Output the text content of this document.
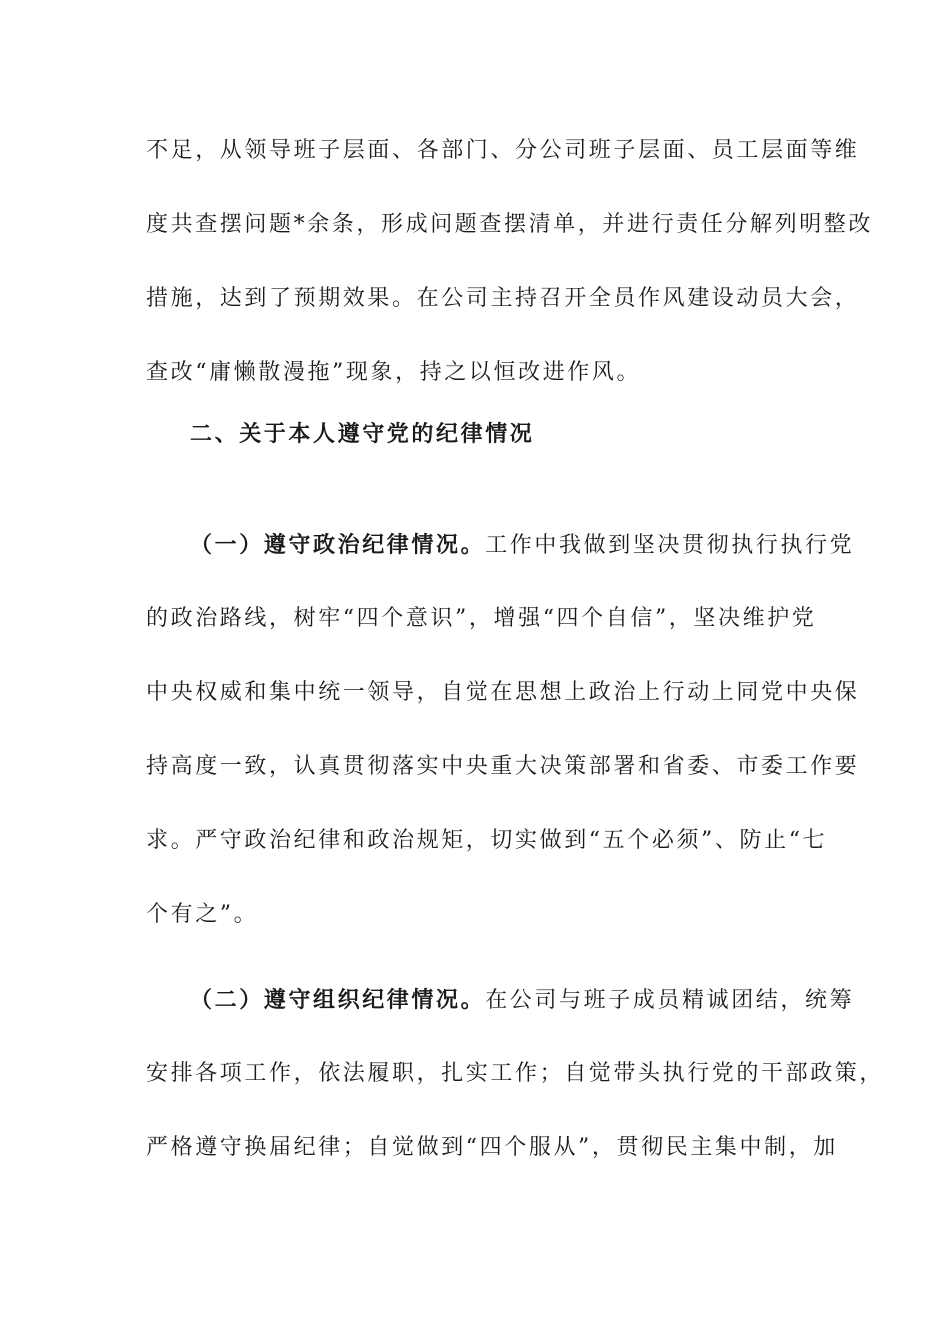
不足，从领导班子层面、各部门、分公司班子层面、员工层面等维
度共查摆问题*余条，形成问题查摆清单，并进行责任分解列明整改
措施，达到了预期效果。在公司主持召开全员作风建设动员大会，
查改“庸懒散漫拖”现象，持之以恒改进作风。
二、关于本人遵守党的纪律情况
（一）遵守政治纪律情况。工作中我做到坚决贯彻执行执行党
的政治路线，树牢“四个意识”，增强“四个自信”，坚决维护党
中央权威和集中统一领导，自觉在思想上政治上行动上同党中央保
持高度一致，认真贯彻落实中央重大决策部署和省委、市委工作要
求。严守政治纪律和政治规矩，切实做到“五个必须”、防止“七
个有之”。
（二）遵守组织纪律情况。在公司与班子成员精诚团结，统筹
安排各项工作，依法履职，扎实工作；自觉带头执行党的干部政策，
严格遵守换届纪律；自觉做到“四个服从”，贯彻民主集中制，加
